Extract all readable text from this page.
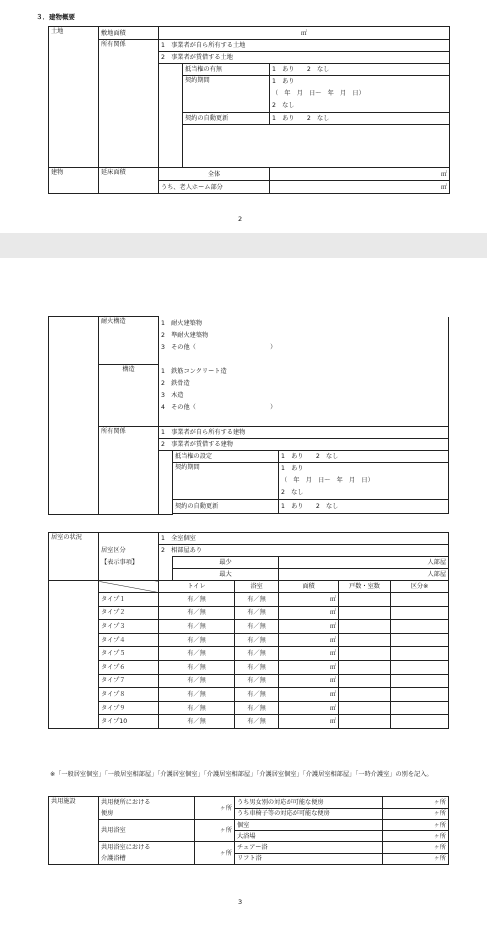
３．建物概要
土地	敷地面積	㎡		
	所有関係	1　事業者が自ら所有する土地		
		2　事業者が賃借する土地		
			抵当権の有無	1　あり　　2　なし
			契約期間	1　あり
（　年　月　日～　年　月　日）
2　なし

			契約の自動更新	1　あり　　2　なし

建物	延床面積	全体		㎡
		うち、老人ホーム部分		㎡
2
	耐火構造	1　耐火建築物
2　準耐火建築物
3　その他（　　　　　　　　　　　　）		

	構造	1　鉄筋コンクリート造
2　鉄骨造
3　木造
4　その他（　　　　　　　　　　　　）		

	所有関係	1　事業者が自ら所有する建物		
		2　事業者が賃借する建物		
			抵当権の設定	1　あり　　2　なし
			契約期間	1　あり
（　年　月　日～　年　月　日）
2　なし

			契約の自動更新	1　あり　　2　なし

居室の状況	居室区分
【表示事項】	1　全室個室					
		2　相部屋あり					
			最少		人部屋		
			最大		人部屋		
		トイレ		浴室	面積	戸数・室数	区分※
	タイプ１	有／無		有／無	㎡		
	タイプ２	有／無		有／無	㎡		
	タイプ３	有／無		有／無	㎡		
	タイプ４	有／無		有／無	㎡		
	タイプ５	有／無		有／無	㎡		
	タイプ６	有／無		有／無	㎡		
	タイプ７	有／無		有／無	㎡		
	タイプ８	有／無		有／無	㎡		
	タイプ９	有／無		有／無	㎡		
	タイプ10	有／無		有／無	㎡		
※「一般居室個室」「一般居室相部屋」「介護居室個室」「介護居室相部屋」「介護居室個室」「介護居室相部屋」「一時介護室」の別を記入。
共用施設	共用便所における
便房	ヶ所	うち男女別の対応が可能な便房	ヶ所
			うち車椅子等の対応が可能な便房	ヶ所
	共用浴室	ヶ所	個室	ヶ所
			大浴場	ヶ所

	共用浴室における
介護浴槽	ヶ所	チェアー浴	ヶ所
			リフト浴	ヶ所
3
